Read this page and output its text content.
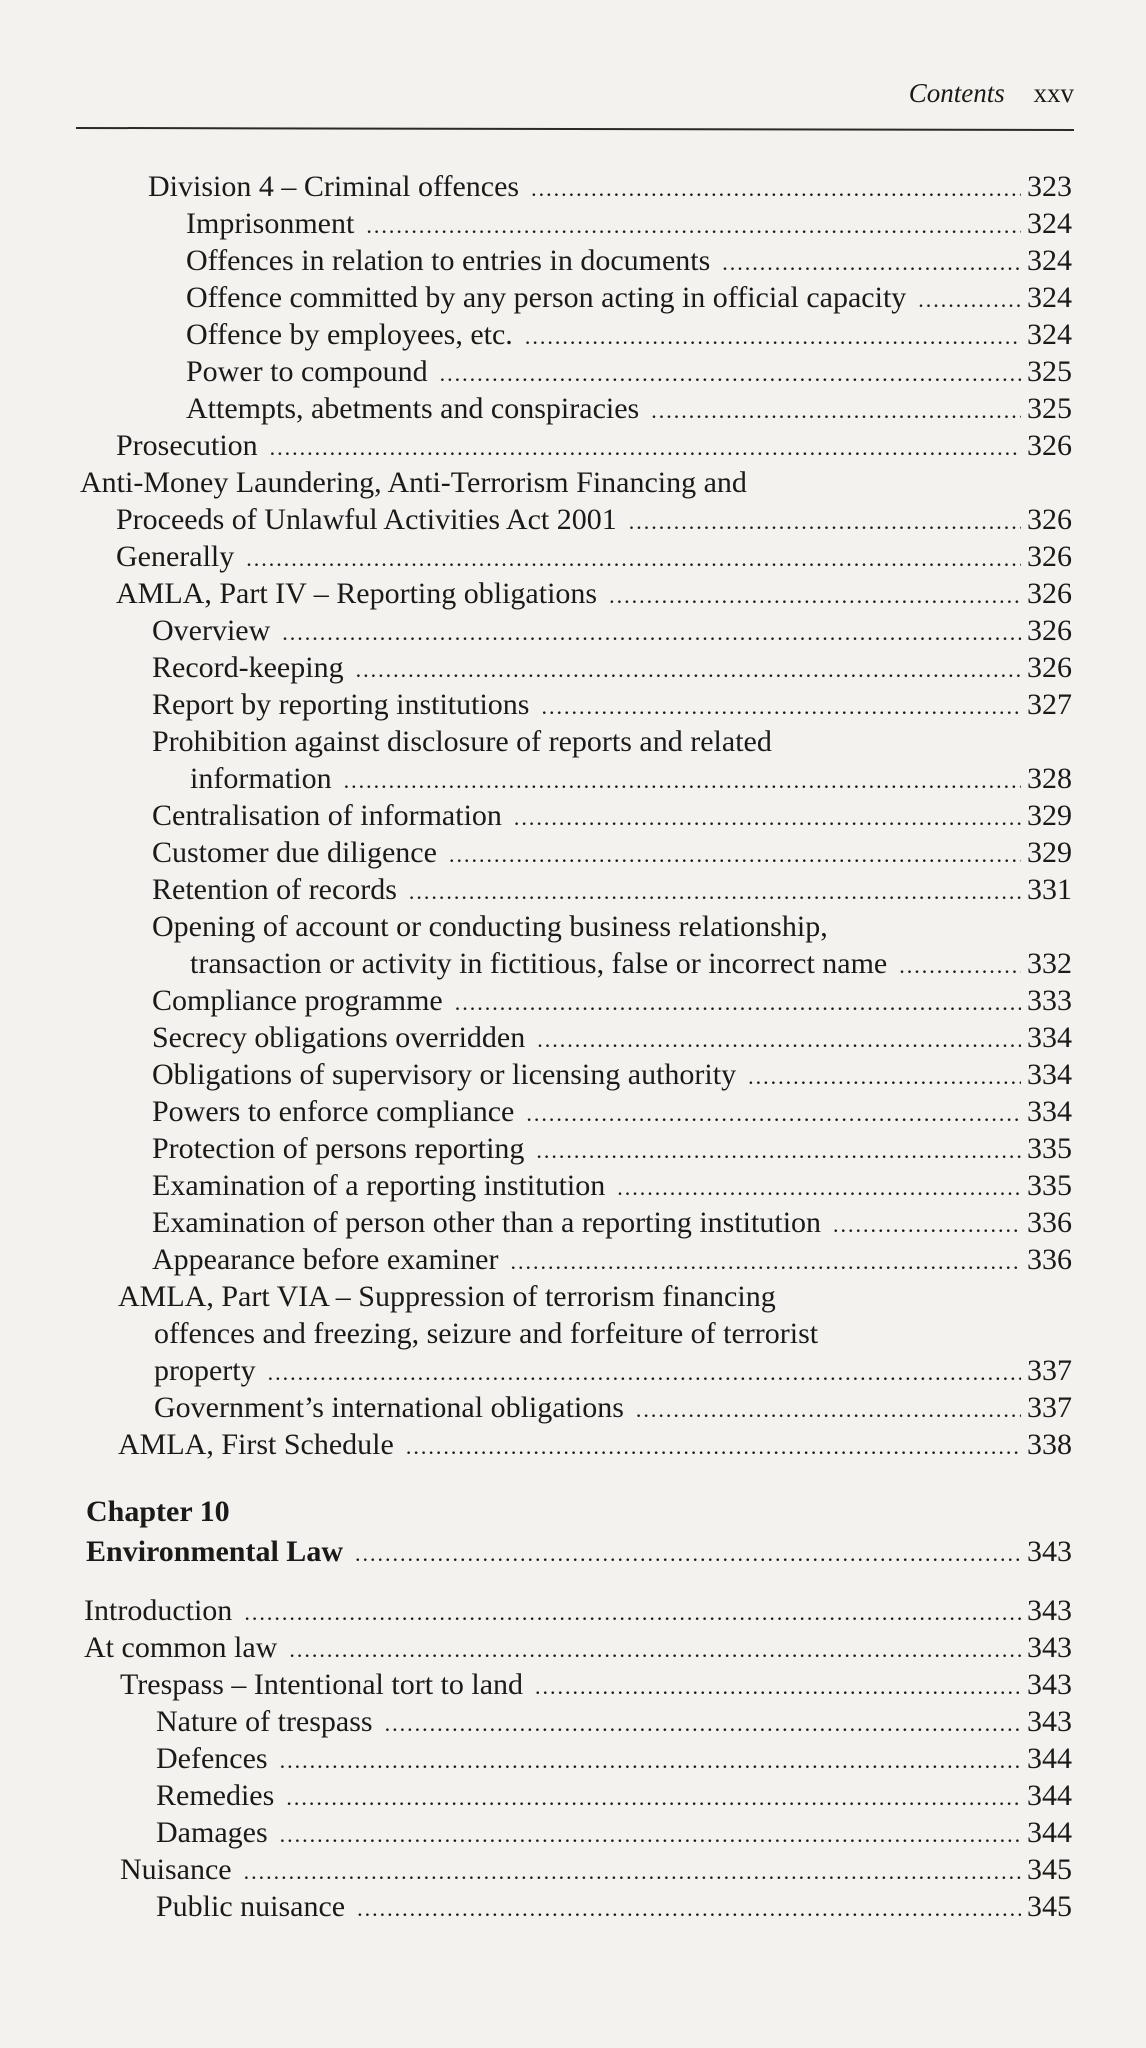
Contents xxv
Division 4 – Criminal offences .....	323
Imprisonment .....	324
Offences in relation to entries in documents .....	324
Offence committed by any person acting in official capacity .....	324
Offence by employees, etc. .....	324
Power to compound .....	325
Attempts, abetments and conspiracies .....	325
Prosecution .....	326
Anti-Money Laundering, Anti-Terrorism Financing and
Proceeds of Unlawful Activities Act 2001 .....	326
Generally .....	326
AMLA, Part IV – Reporting obligations .....	326
Overview .....	326
Record-keeping .....	326
Report by reporting institutions .....	327
Prohibition against disclosure of reports and related
information .....	328
Centralisation of information .....	329
Customer due diligence .....	329
Retention of records .....	331
Opening of account or conducting business relationship,
transaction or activity in fictitious, false or incorrect name .....	332
Compliance programme .....	333
Secrecy obligations overridden .....	334
Obligations of supervisory or licensing authority .....	334
Powers to enforce compliance .....	334
Protection of persons reporting .....	335
Examination of a reporting institution .....	335
Examination of person other than a reporting institution .....	336
Appearance before examiner .....	336
AMLA, Part VIA – Suppression of terrorism financing
offences and freezing, seizure and forfeiture of terrorist
property .....	337
Government’s international obligations .....	337
AMLA, First Schedule .....	338
Chapter 10
Environmental Law .....	343
Introduction .....	343
At common law .....	343
Trespass – Intentional tort to land .....	343
Nature of trespass .....	343
Defences .....	344
Remedies .....	344
Damages .....	344
Nuisance .....	345
Public nuisance .....	345
